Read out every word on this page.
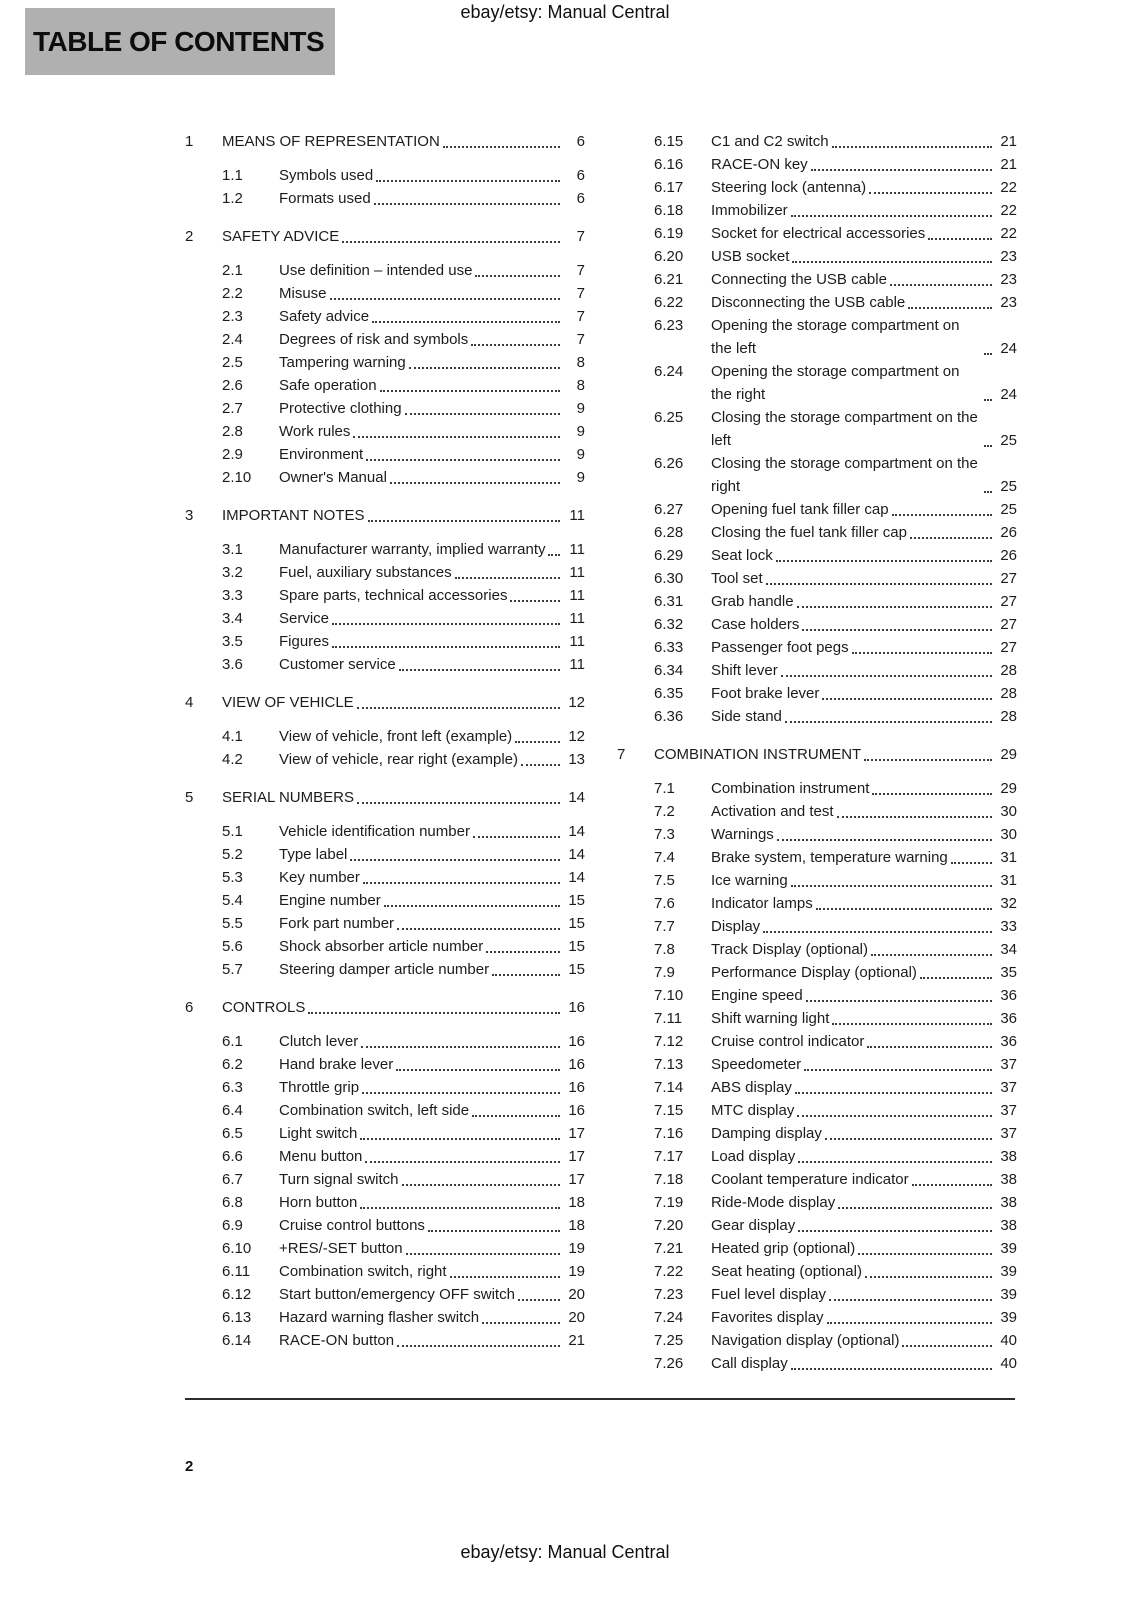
ebay/etsy: Manual Central
TABLE OF CONTENTS
1	MEANS OF REPRESENTATION	6
1.1	Symbols used	6
1.2	Formats used	6
2	SAFETY ADVICE	7
2.1	Use definition – intended use	7
2.2	Misuse	7
2.3	Safety advice	7
2.4	Degrees of risk and symbols	7
2.5	Tampering warning	8
2.6	Safe operation	8
2.7	Protective clothing	9
2.8	Work rules	9
2.9	Environment	9
2.10	Owner's Manual	9
3	IMPORTANT NOTES	11
3.1	Manufacturer warranty, implied warranty	11
3.2	Fuel, auxiliary substances	11
3.3	Spare parts, technical accessories	11
3.4	Service	11
3.5	Figures	11
3.6	Customer service	11
4	VIEW OF VEHICLE	12
4.1	View of vehicle, front left (example)	12
4.2	View of vehicle, rear right (example)	13
5	SERIAL NUMBERS	14
5.1	Vehicle identification number	14
5.2	Type label	14
5.3	Key number	14
5.4	Engine number	15
5.5	Fork part number	15
5.6	Shock absorber article number	15
5.7	Steering damper article number	15
6	CONTROLS	16
6.1	Clutch lever	16
6.2	Hand brake lever	16
6.3	Throttle grip	16
6.4	Combination switch, left side	16
6.5	Light switch	17
6.6	Menu button	17
6.7	Turn signal switch	17
6.8	Horn button	18
6.9	Cruise control buttons	18
6.10	+RES/-SET button	19
6.11	Combination switch, right	19
6.12	Start button/emergency OFF switch	20
6.13	Hazard warning flasher switch	20
6.14	RACE-ON button	21
6.15	C1 and C2 switch	21
6.16	RACE-ON key	21
6.17	Steering lock (antenna)	22
6.18	Immobilizer	22
6.19	Socket for electrical accessories	22
6.20	USB socket	23
6.21	Connecting the USB cable	23
6.22	Disconnecting the USB cable	23
6.23	Opening the storage compartment on the left	24
6.24	Opening the storage compartment on the right	24
6.25	Closing the storage compartment on the left	25
6.26	Closing the storage compartment on the right	25
6.27	Opening fuel tank filler cap	25
6.28	Closing the fuel tank filler cap	26
6.29	Seat lock	26
6.30	Tool set	27
6.31	Grab handle	27
6.32	Case holders	27
6.33	Passenger foot pegs	27
6.34	Shift lever	28
6.35	Foot brake lever	28
6.36	Side stand	28
7	COMBINATION INSTRUMENT	29
7.1	Combination instrument	29
7.2	Activation and test	30
7.3	Warnings	30
7.4	Brake system, temperature warning	31
7.5	Ice warning	31
7.6	Indicator lamps	32
7.7	Display	33
7.8	Track Display (optional)	34
7.9	Performance Display (optional)	35
7.10	Engine speed	36
7.11	Shift warning light	36
7.12	Cruise control indicator	36
7.13	Speedometer	37
7.14	ABS display	37
7.15	MTC display	37
7.16	Damping display	37
7.17	Load display	38
7.18	Coolant temperature indicator	38
7.19	Ride-Mode display	38
7.20	Gear display	38
7.21	Heated grip (optional)	39
7.22	Seat heating (optional)	39
7.23	Fuel level display	39
7.24	Favorites display	39
7.25	Navigation display (optional)	40
7.26	Call display	40
2
ebay/etsy: Manual Central
